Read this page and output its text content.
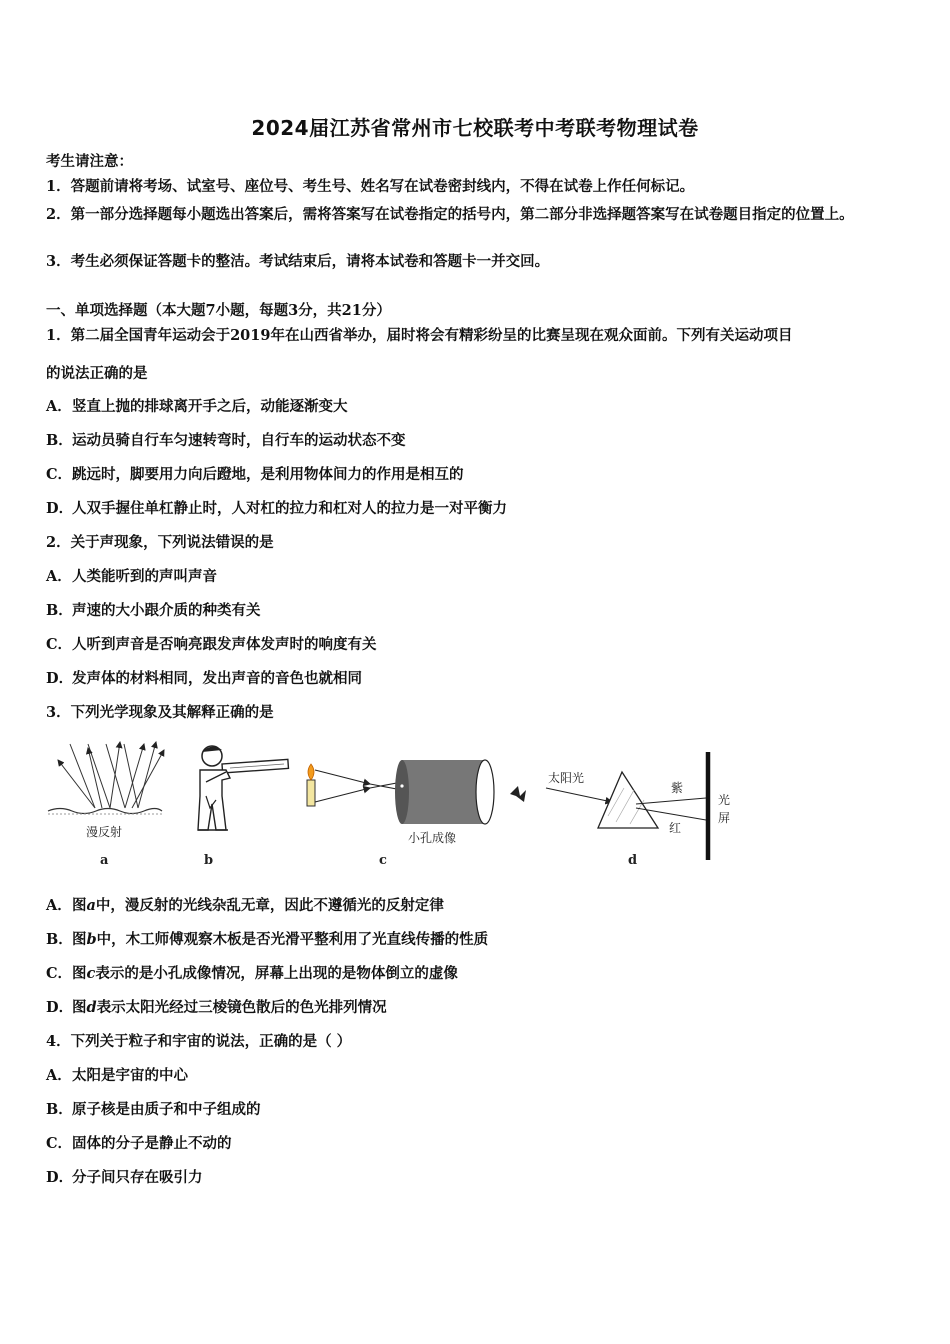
2024届江苏省常州市七校联考中考联考物理试卷
考生请注意：
1．答题前请将考场、试室号、座位号、考生号、姓名写在试卷密封线内，不得在试卷上作任何标记。
2．第一部分选择题每小题选出答案后，需将答案写在试卷指定的括号内，第二部分非选择题答案写在试卷题目指定的位置上。
3．考生必须保证答题卡的整洁。考试结束后，请将本试卷和答题卡一并交回。
一、单项选择题（本大题7小题，每题3分，共21分）
1．第二届全国青年运动会于2019年在山西省举办，届时将会有精彩纷呈的比赛呈现在观众面前。下列有关运动项目
的说法正确的是
A．竖直上抛的排球离开手之后，动能逐渐变大
B．运动员骑自行车匀速转弯时，自行车的运动状态不变
C．跳远时，脚要用力向后蹬地，是利用物体间力的作用是相互的
D．人双手握住单杠静止时，人对杠的拉力和杠对人的拉力是一对平衡力
2．关于声现象，下列说法错误的是
A．人类能听到的声叫声音
B．声速的大小跟介质的种类有关
C．人听到声音是否响亮跟发声体发声时的响度有关
D．发声体的材料相同，发出声音的音色也就相同
3．下列光学现象及其解释正确的是
漫反射
a	b
小孔成像
c
太阳光
紫
红
光
屏
d
A．图a中，漫反射的光线杂乱无章，因此不遵循光的反射定律
B．图b中，木工师傅观察木板是否光滑平整利用了光直线传播的性质
C．图c表示的是小孔成像情况，屏幕上出现的是物体倒立的虚像
D．图d表示太阳光经过三棱镜色散后的色光排列情况
4．下列关于粒子和宇宙的说法，正确的是（ ）
A．太阳是宇宙的中心
B．原子核是由质子和中子组成的
C．固体的分子是静止不动的
D．分子间只存在吸引力
